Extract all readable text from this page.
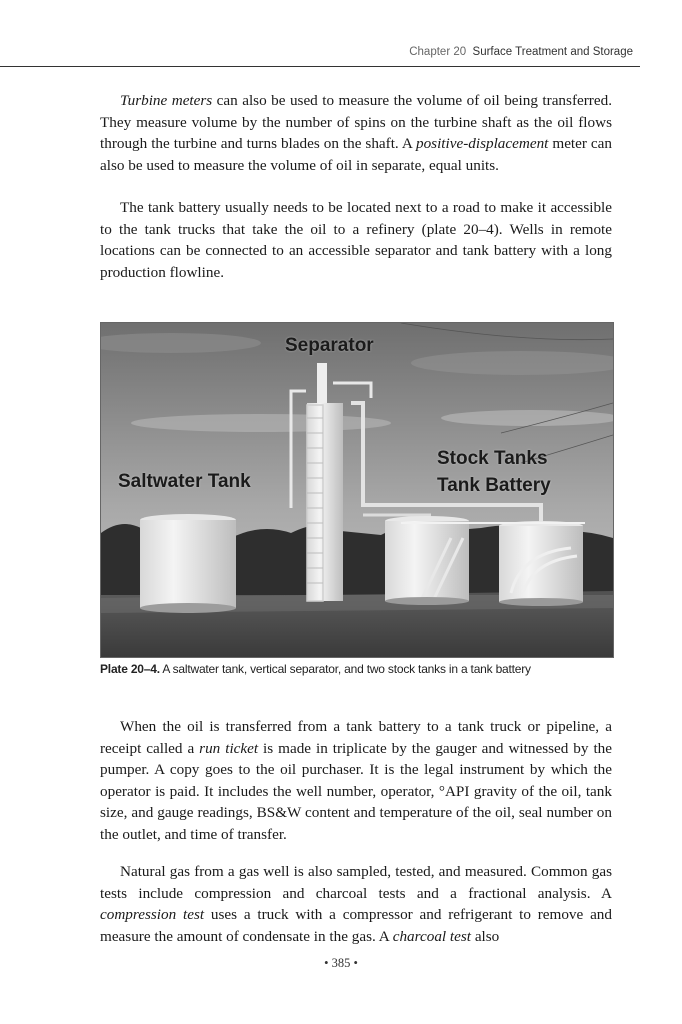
Chapter 20 Surface Treatment and Storage

Turbine meters can also be used to measure the volume of oil being transferred. They measure volume by the number of spins on the turbine shaft as the oil flows through the turbine and turns blades on the shaft. A positive-displacement meter can also be used to measure the volume of oil in separate, equal units.

The tank battery usually needs to be located next to a road to make it accessible to the tank trucks that take the oil to a refinery (plate 20–4). Wells in remote locations can be connected to an accessible separator and tank battery with a long production flowline.

Separator
Saltwater Tank
Stock Tanks
Tank Battery
Plate 20–4. A saltwater tank, vertical separator, and two stock tanks in a tank battery

When the oil is transferred from a tank battery to a tank truck or pipeline, a receipt called a run ticket is made in triplicate by the gauger and witnessed by the pumper. A copy goes to the oil purchaser. It is the legal instrument by which the operator is paid. It includes the well number, operator, °API gravity of the oil, tank size, and gauge readings, BS&W content and temperature of the oil, seal number on the outlet, and time of transfer.

Natural gas from a gas well is also sampled, tested, and measured. Common gas tests include compression and charcoal tests and a fractional analysis. A compression test uses a truck with a compressor and refrigerant to remove and measure the amount of condensate in the gas. A charcoal test also

• 385 •
